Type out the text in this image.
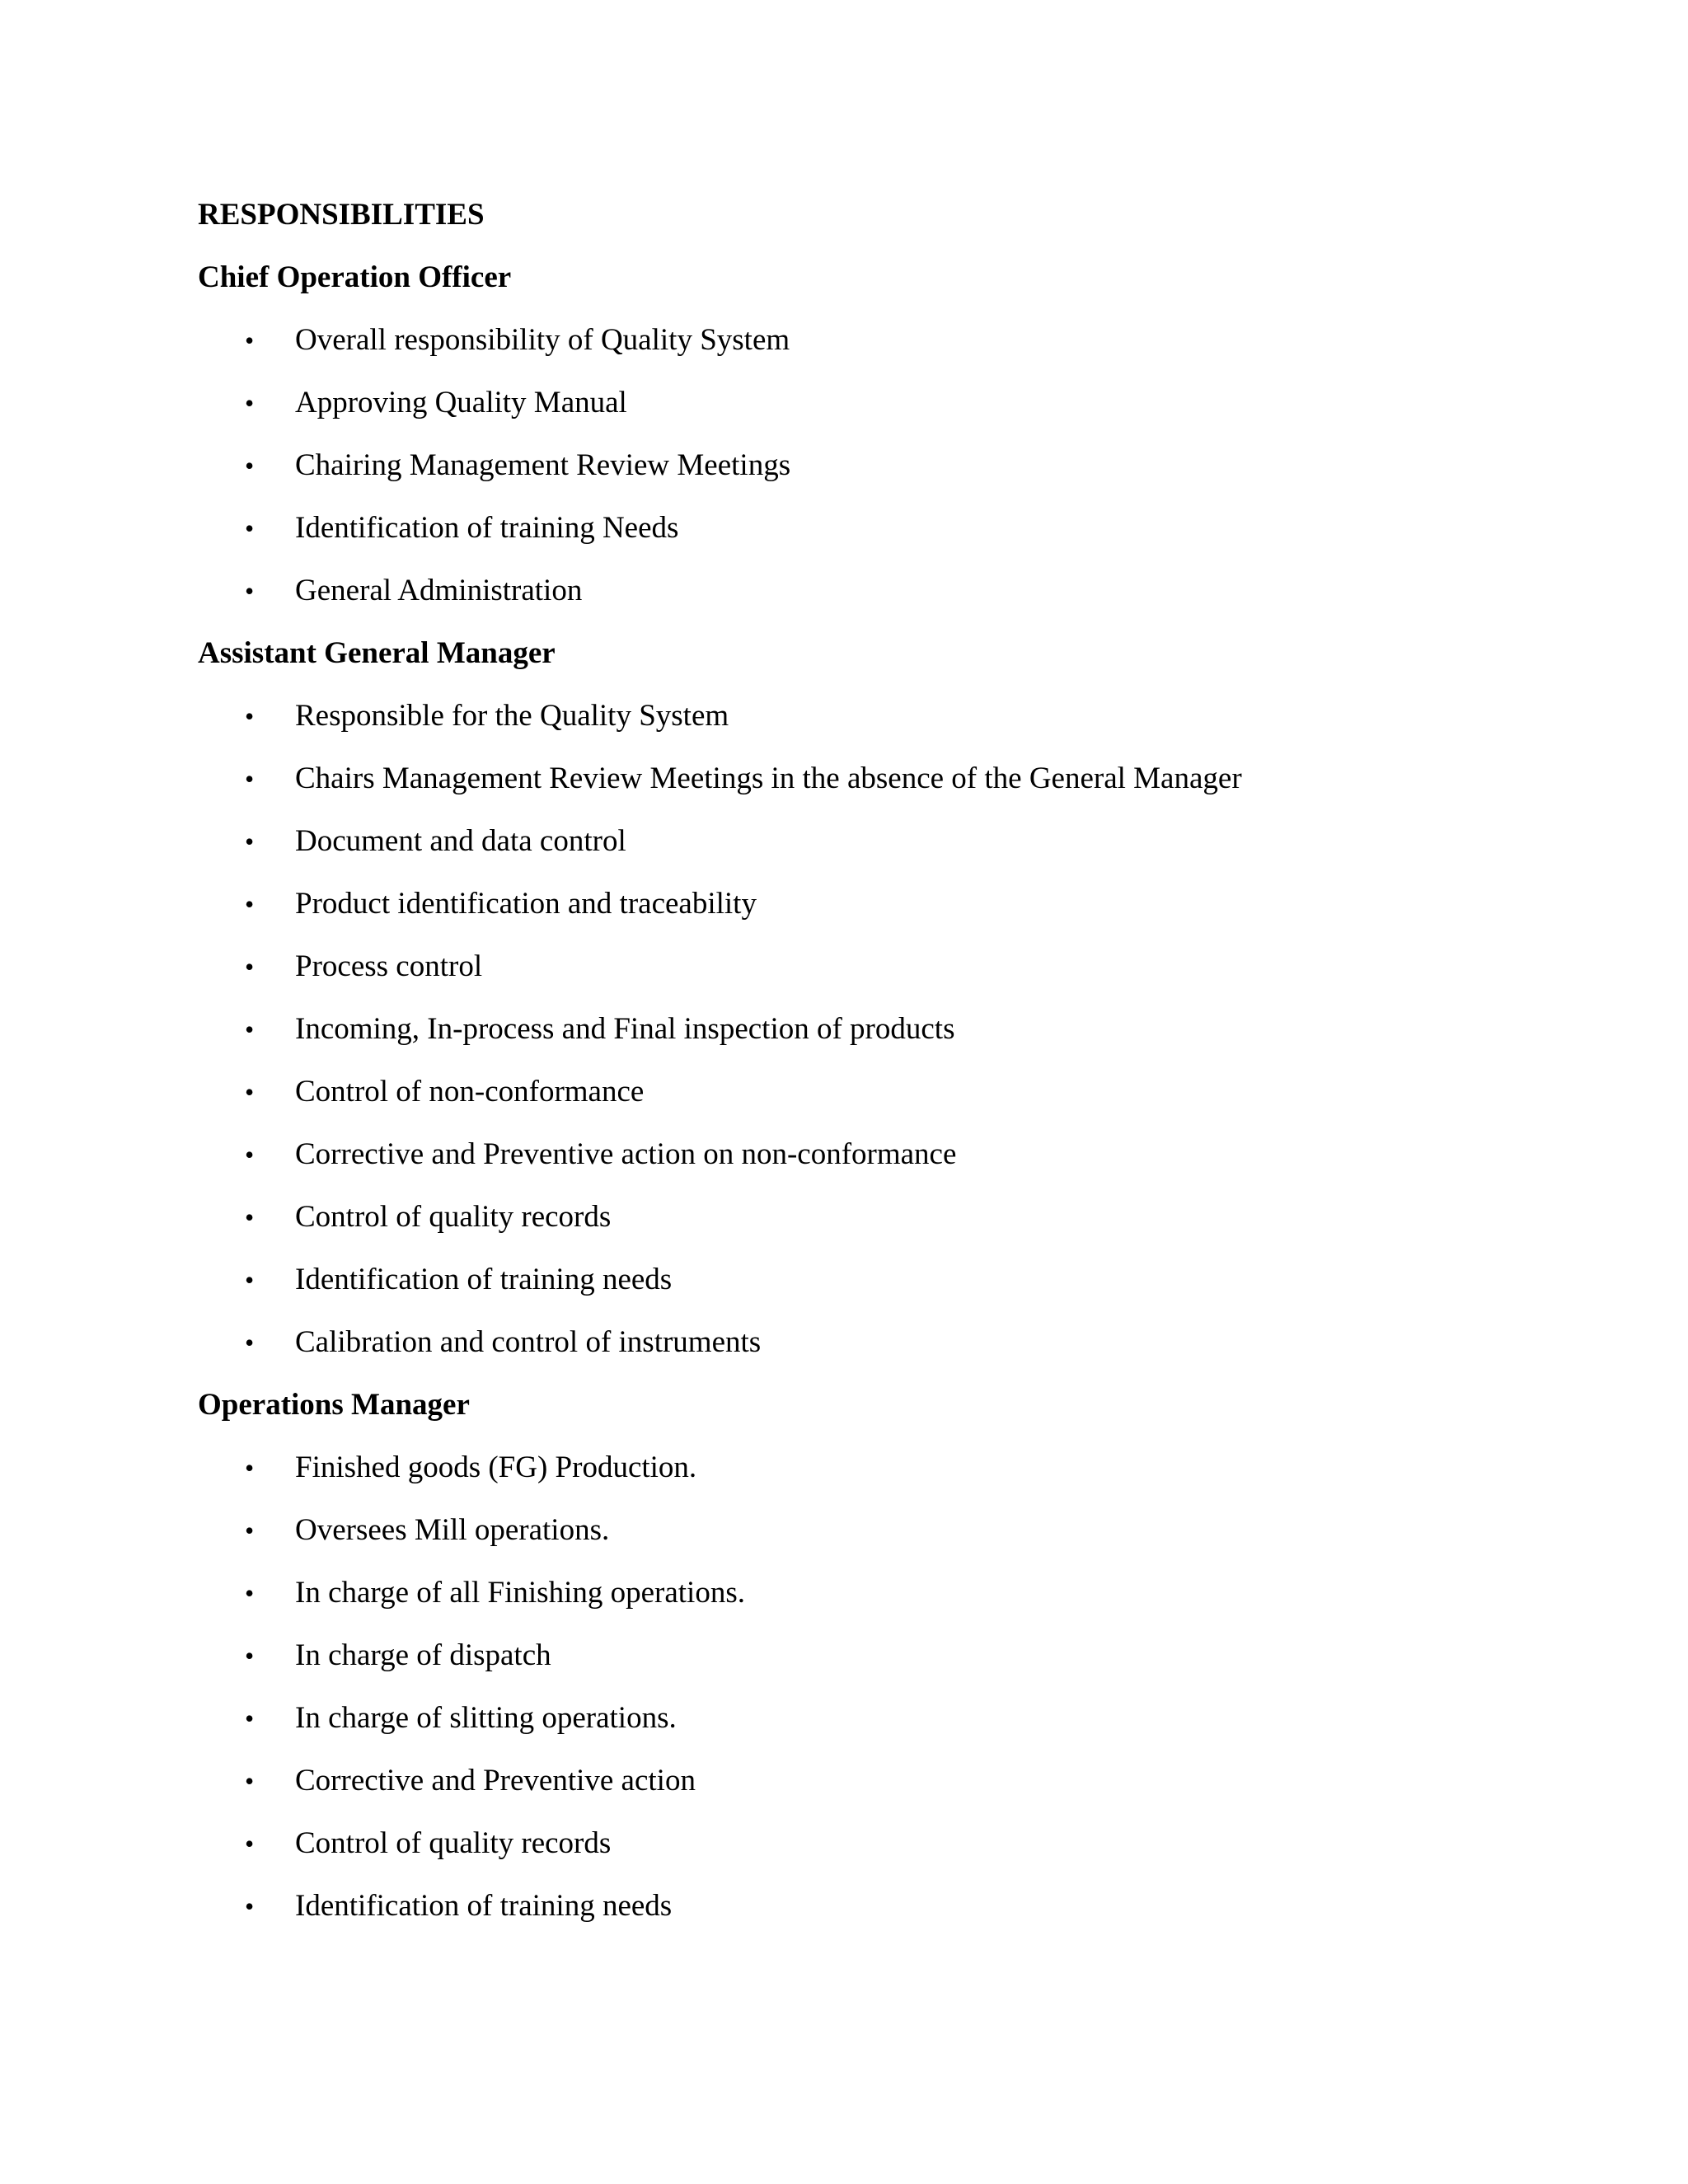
RESPONSIBILITIES
Chief Operation Officer
• Overall responsibility of Quality System
• Approving Quality Manual
• Chairing Management Review Meetings
• Identification of training Needs
• General Administration
Assistant General Manager
• Responsible for the Quality System
• Chairs Management Review Meetings in the absence of the General Manager
• Document and data control
• Product identification and traceability
• Process control
• Incoming, In-process and Final inspection of products
• Control of non-conformance
• Corrective and Preventive action on non-conformance
• Control of quality records
• Identification of training needs
• Calibration and control of instruments
Operations Manager
• Finished goods (FG) Production.
• Oversees Mill operations.
• In charge of all Finishing operations.
• In charge of dispatch
• In charge of slitting operations.
• Corrective and Preventive action
• Control of quality records
• Identification of training needs
